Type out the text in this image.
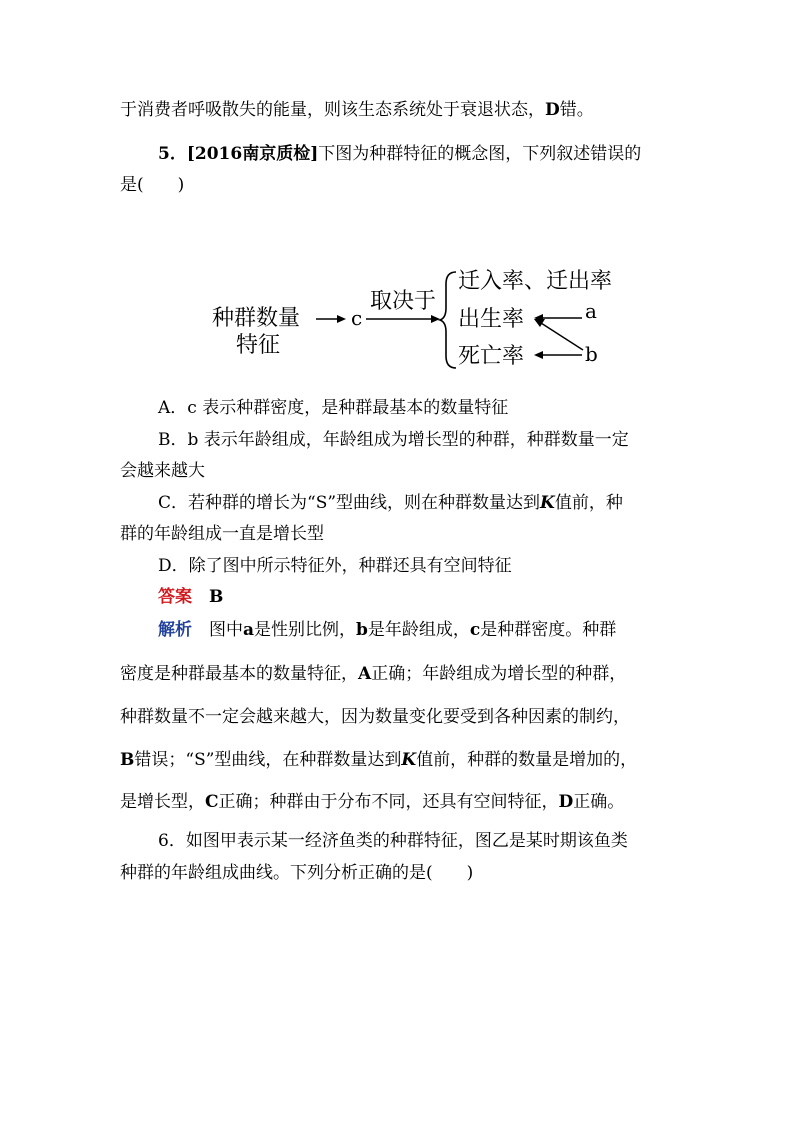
于消费者呼吸散失的能量，则该生态系统处于衰退状态，D错。
5．[2016南京质检]下图为种群特征的概念图，下列叙述错误的
是(　　)
种群数量
特征
c
取决于
迁入率、迁出率
出生率
死亡率
a
b
A．c 表示种群密度，是种群最基本的数量特征
B．b 表示年龄组成，年龄组成为增长型的种群，种群数量一定
会越来越大
C．若种群的增长为“S”型曲线，则在种群数量达到K值前，种
群的年龄组成一直是增长型
D．除了图中所示特征外，种群还具有空间特征
答案　 B
解析　图中a是性别比例，b是年龄组成，c是种群密度。种群
密度是种群最基本的数量特征，A正确；年龄组成为增长型的种群，
种群数量不一定会越来越大，因为数量变化要受到各种因素的制约，
B错误；“S”型曲线，在种群数量达到K值前，种群的数量是增加的，
是增长型，C正确；种群由于分布不同，还具有空间特征，D正确。
6．如图甲表示某一经济鱼类的种群特征，图乙是某时期该鱼类
种群的年龄组成曲线。下列分析正确的是(　　)
